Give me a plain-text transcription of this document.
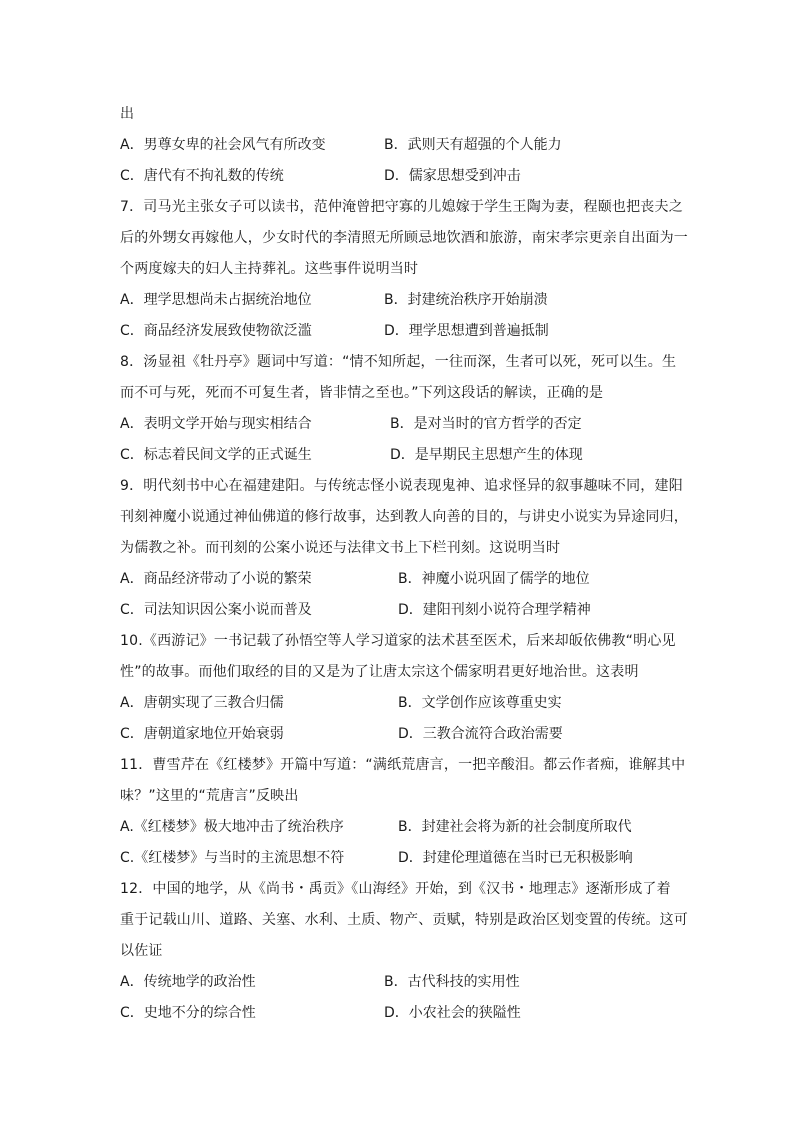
出
A．男尊女卑的社会风气有所改变	B．武则天有超强的个人能力
C．唐代有不拘礼数的传统	D．儒家思想受到冲击
7．司马光主张女子可以读书，范仲淹曾把守寡的儿媳嫁于学生王陶为妻，程颐也把丧夫之
后的外甥女再嫁他人，少女时代的李清照无所顾忌地饮酒和旅游，南宋孝宗更亲自出面为一
个两度嫁夫的妇人主持葬礼。这些事件说明当时
A．理学思想尚未占据统治地位	B．封建统治秩序开始崩溃
C．商品经济发展致使物欲泛滥	D．理学思想遭到普遍抵制
8．汤显祖《牡丹亭》题词中写道：“情不知所起，一往而深，生者可以死，死可以生。生
而不可与死，死而不可复生者，皆非情之至也。”下列这段话的解读，正确的是
A．表明文学开始与现实相结合	B．是对当时的官方哲学的否定
C．标志着民间文学的正式诞生	D．是早期民主思想产生的体现
9．明代刻书中心在福建建阳。与传统志怪小说表现鬼神、追求怪异的叙事趣味不同，建阳
刊刻神魔小说通过神仙佛道的修行故事，达到教人向善的目的，与讲史小说实为异途同归，
为儒教之补。而刊刻的公案小说还与法律文书上下栏刊刻。这说明当时
A．商品经济带动了小说的繁荣	B．神魔小说巩固了儒学的地位
C．司法知识因公案小说而普及	D．建阳刊刻小说符合理学精神
10.《西游记》一书记载了孙悟空等人学习道家的法术甚至医术，后来却皈依佛教“明心见
性”的故事。而他们取经的目的又是为了让唐太宗这个儒家明君更好地治世。这表明
A．唐朝实现了三教合归儒	B．文学创作应该尊重史实
C．唐朝道家地位开始衰弱	D．三教合流符合政治需要
11．曹雪芹在《红楼梦》开篇中写道：“满纸荒唐言，一把辛酸泪。都云作者痴，谁解其中
味？”这里的“荒唐言”反映出
A.《红楼梦》极大地冲击了统治秩序	B．封建社会将为新的社会制度所取代
C.《红楼梦》与当时的主流思想不符	D．封建伦理道德在当时已无积极影响
12．中国的地学，从《尚书・禹贡》《山海经》开始，到《汉书・地理志》逐渐形成了着
重于记载山川、道路、关塞、水利、土质、物产、贡赋，特别是政治区划变置的传统。这可
以佐证
A．传统地学的政治性	B．古代科技的实用性
C．史地不分的综合性	D．小农社会的狭隘性
